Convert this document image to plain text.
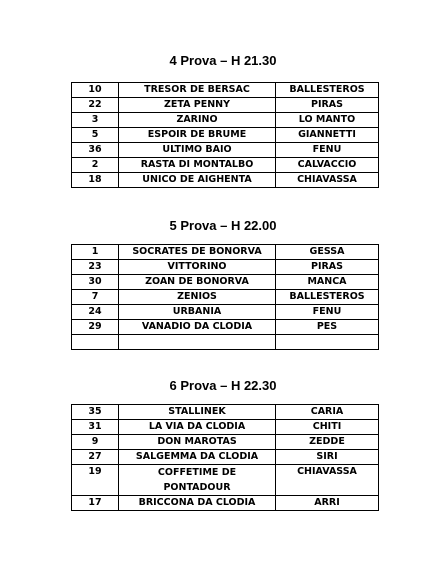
4 Prova – H 21.30
10	TRESOR DE BERSAC	BALLESTEROS
22	ZETA PENNY	PIRAS
3	ZARINO	LO MANTO
5	ESPOIR DE BRUME	GIANNETTI
36	ULTIMO BAIO	FENU
2	RASTA DI MONTALBO	CALVACCIO
18	UNICO DE AIGHENTA	CHIAVASSA
5 Prova – H 22.00
1	SOCRATES DE BONORVA	GESSA
23	VITTORINO	PIRAS
30	ZOAN DE BONORVA	MANCA
7	ZENIOS	BALLESTEROS
24	URBANIA	FENU
29	VANADIO DA CLODIA	PES

6 Prova – H 22.30
35	STALLINEK	CARIA
31	LA VIA DA CLODIA	CHITI
9	DON MAROTAS	ZEDDE
27	SALGEMMA DA CLODIA	SIRI
19	COFFETIME DE PONTADOUR	CHIAVASSA
17	BRICCONA DA CLODIA	ARRI
